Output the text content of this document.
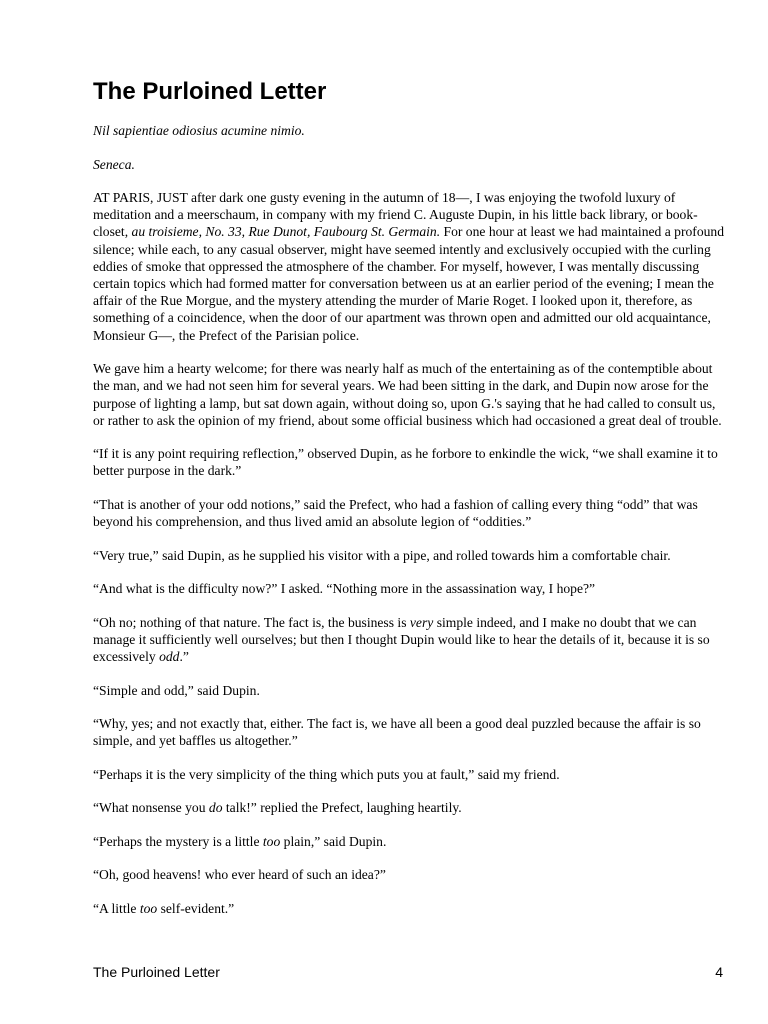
The Purloined Letter

Nil sapientiae odiosius acumine nimio.

Seneca.

AT PARIS, JUST after dark one gusty evening in the autumn of 18—, I was enjoying the twofold luxury of meditation and a meerschaum, in company with my friend C. Auguste Dupin, in his little back library, or book-closet, au troisieme, No. 33, Rue Dunot, Faubourg St. Germain. For one hour at least we had maintained a profound silence; while each, to any casual observer, might have seemed intently and exclusively occupied with the curling eddies of smoke that oppressed the atmosphere of the chamber. For myself, however, I was mentally discussing certain topics which had formed matter for conversation between us at an earlier period of the evening; I mean the affair of the Rue Morgue, and the mystery attending the murder of Marie Roget. I looked upon it, therefore, as something of a coincidence, when the door of our apartment was thrown open and admitted our old acquaintance, Monsieur G—, the Prefect of the Parisian police.

We gave him a hearty welcome; for there was nearly half as much of the entertaining as of the contemptible about the man, and we had not seen him for several years. We had been sitting in the dark, and Dupin now arose for the purpose of lighting a lamp, but sat down again, without doing so, upon G.'s saying that he had called to consult us, or rather to ask the opinion of my friend, about some official business which had occasioned a great deal of trouble.

“If it is any point requiring reflection,” observed Dupin, as he forbore to enkindle the wick, “we shall examine it to better purpose in the dark.”

“That is another of your odd notions,” said the Prefect, who had a fashion of calling every thing “odd” that was beyond his comprehension, and thus lived amid an absolute legion of “oddities.”

“Very true,” said Dupin, as he supplied his visitor with a pipe, and rolled towards him a comfortable chair.

“And what is the difficulty now?” I asked. “Nothing more in the assassination way, I hope?”

“Oh no; nothing of that nature. The fact is, the business is very simple indeed, and I make no doubt that we can manage it sufficiently well ourselves; but then I thought Dupin would like to hear the details of it, because it is so excessively odd.”

“Simple and odd,” said Dupin.

“Why, yes; and not exactly that, either. The fact is, we have all been a good deal puzzled because the affair is so simple, and yet baffles us altogether.”

“Perhaps it is the very simplicity of the thing which puts you at fault,” said my friend.

“What nonsense you do talk!” replied the Prefect, laughing heartily.

“Perhaps the mystery is a little too plain,” said Dupin.

“Oh, good heavens! who ever heard of such an idea?”

“A little too self-evident.”

The Purloined Letter	4
